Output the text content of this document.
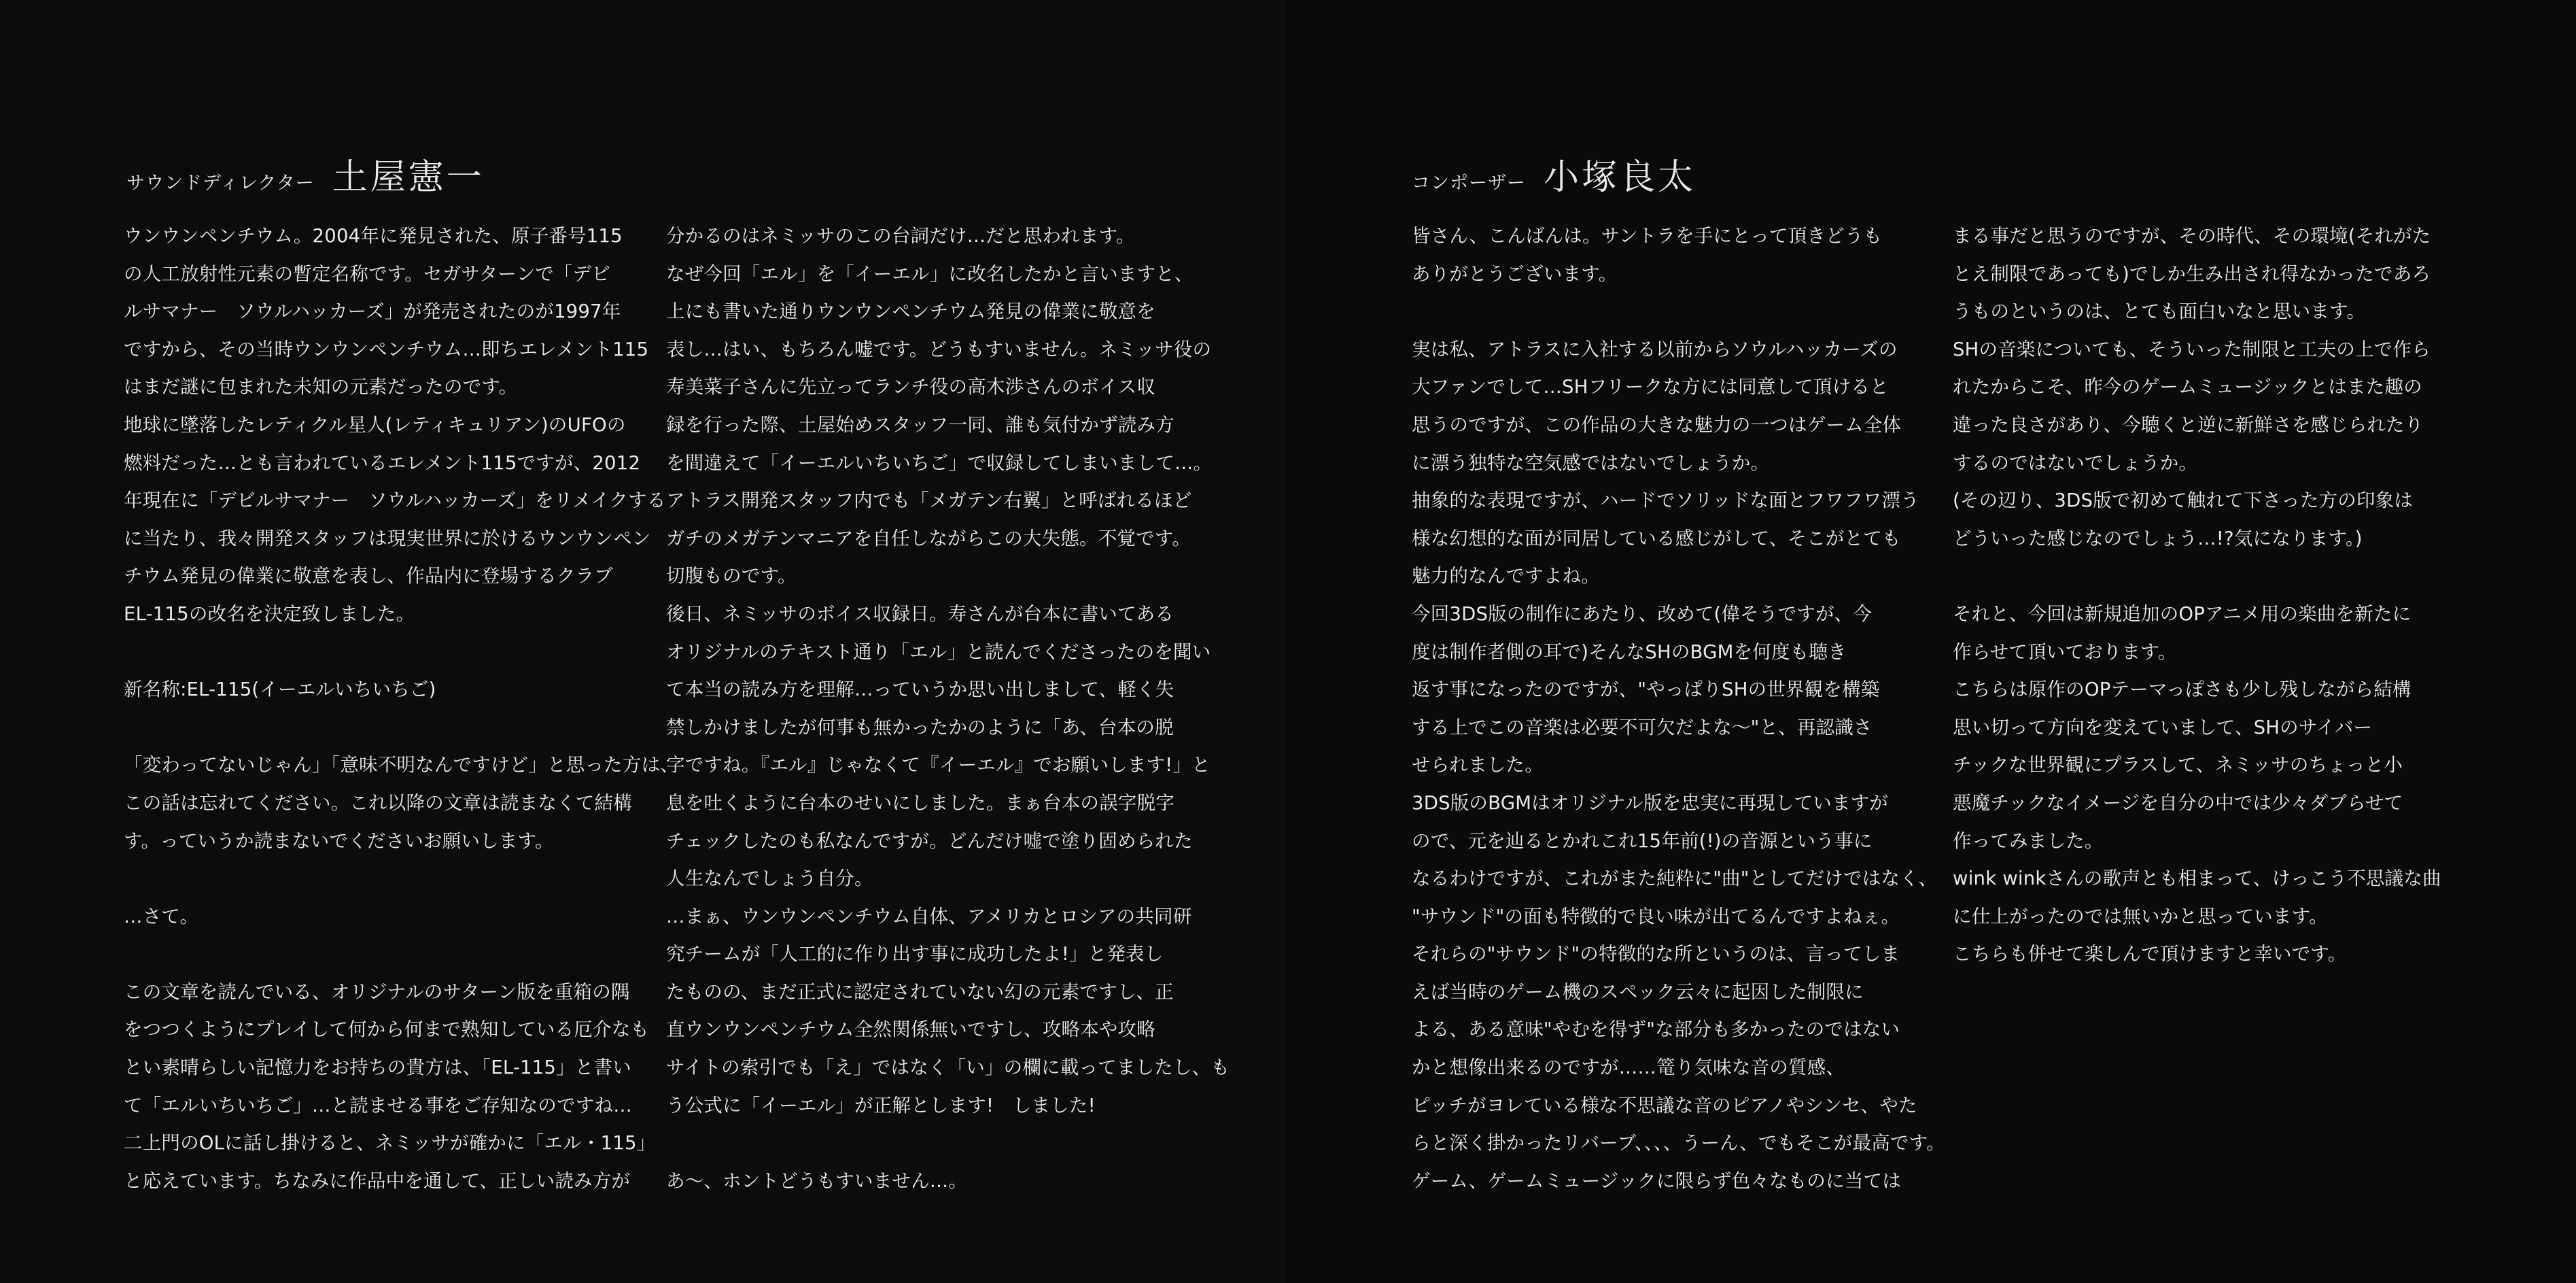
サウンドディレクター 土屋憲一

ウンウンペンチウム。2004年に発見された、原子番号115

の人工放射性元素の暫定名称です。セガサターンで「デビ

ルサマナー　ソウルハッカーズ」が発売されたのが1997年

ですから、その当時ウンウンペンチウム…即ちエレメント115

はまだ謎に包まれた未知の元素だったのです。

地球に墜落したレティクル星人(レティキュリアン)のUFOの

燃料だった…とも言われているエレメント115ですが、2012

年現在に「デビルサマナー　ソウルハッカーズ」をリメイクする

に当たり、我々開発スタッフは現実世界に於けるウンウンペン

チウム発見の偉業に敬意を表し、作品内に登場するクラブ

EL-115の改名を決定致しました。

新名称:EL-115(イーエルいちいちご)

「変わってないじゃん」「意味不明なんですけど」と思った方は、

この話は忘れてください。これ以降の文章は読まなくて結構

す。っていうか読まないでくださいお願いします。

…さて。

この文章を読んでいる、オリジナルのサターン版を重箱の隅

をつつくようにプレイして何から何まで熟知している厄介なも

とい素晴らしい記憶力をお持ちの貴方は、「EL-115」と書い

て「エルいちいちご」…と読ませる事をご存知なのですね…

二上門のOLに話し掛けると、ネミッサが確かに「エル・115」

と応えています。ちなみに作品中を通して、正しい読み方が

分かるのはネミッサのこの台詞だけ…だと思われます。

なぜ今回「エル」を「イーエル」に改名したかと言いますと、

上にも書いた通りウンウンペンチウム発見の偉業に敬意を

表し…はい、もちろん嘘です。どうもすいません。ネミッサ役の

寿美菜子さんに先立ってランチ役の高木渉さんのボイス収

録を行った際、土屋始めスタッフ一同、誰も気付かず読み方

を間違えて「イーエルいちいちご」で収録してしまいまして…。

アトラス開発スタッフ内でも「メガテン右翼」と呼ばれるほど

ガチのメガテンマニアを自任しながらこの大失態。不覚です。

切腹ものです。

後日、ネミッサのボイス収録日。寿さんが台本に書いてある

オリジナルのテキスト通り「エル」と読んでくださったのを聞い

て本当の読み方を理解…っていうか思い出しまして、軽く失

禁しかけましたが何事も無かったかのように「あ、台本の脱

字ですね。『エル』じゃなくて『イーエル』でお願いします!」と

息を吐くように台本のせいにしました。まぁ台本の誤字脱字

チェックしたのも私なんですが。どんだけ嘘で塗り固められた

人生なんでしょう自分。

…まぁ、ウンウンペンチウム自体、アメリカとロシアの共同研

究チームが「人工的に作り出す事に成功したよ!」と発表し

たものの、まだ正式に認定されていない幻の元素ですし、正

直ウンウンペンチウム全然関係無いですし、攻略本や攻略

サイトの索引でも「え」ではなく「い」の欄に載ってましたし、も

う公式に「イーエル」が正解とします!　しました!

あ～、ホントどうもすいません…。

コンポーザー 小塚良太

皆さん、こんばんは。サントラを手にとって頂きどうも

ありがとうございます。

実は私、アトラスに入社する以前からソウルハッカーズの

大ファンでして…SHフリークな方には同意して頂けると

思うのですが、この作品の大きな魅力の一つはゲーム全体

に漂う独特な空気感ではないでしょうか。

抽象的な表現ですが、ハードでソリッドな面とフワフワ漂う

様な幻想的な面が同居している感じがして、そこがとても

魅力的なんですよね。

今回3DS版の制作にあたり、改めて(偉そうですが、今

度は制作者側の耳で)そんなSHのBGMを何度も聴き

返す事になったのですが、"やっぱりSHの世界観を構築

する上でこの音楽は必要不可欠だよな～"と、再認識さ

せられました。

3DS版のBGMはオリジナル版を忠実に再現していますが

ので、元を辿るとかれこれ15年前(!)の音源という事に

なるわけですが、これがまた純粋に"曲"としてだけではなく、

"サウンド"の面も特徴的で良い味が出てるんですよねぇ。

それらの"サウンド"の特徴的な所というのは、言ってしま

えば当時のゲーム機のスペック云々に起因した制限に

よる、ある意味"やむを得ず"な部分も多かったのではない

かと想像出来るのですが……篭り気味な音の質感、

ピッチがヨレている様な不思議な音のピアノやシンセ、やた

らと深く掛かったリバーブ、、、、うーん、でもそこが最高です。

ゲーム、ゲームミュージックに限らず色々なものに当ては

まる事だと思うのですが、その時代、その環境(それがた

とえ制限であっても)でしか生み出され得なかったであろ

うものというのは、とても面白いなと思います。

SHの音楽についても、そういった制限と工夫の上で作ら

れたからこそ、昨今のゲームミュージックとはまた趣の

違った良さがあり、今聴くと逆に新鮮さを感じられたり

するのではないでしょうか。

(その辺り、3DS版で初めて触れて下さった方の印象は

どういった感じなのでしょう…!?気になります。)

それと、今回は新規追加のOPアニメ用の楽曲を新たに

作らせて頂いております。

こちらは原作のOPテーマっぽさも少し残しながら結構

思い切って方向を変えていまして、SHのサイバー

チックな世界観にプラスして、ネミッサのちょっと小

悪魔チックなイメージを自分の中では少々ダブらせて

作ってみました。

wink winkさんの歌声とも相まって、けっこう不思議な曲

に仕上がったのでは無いかと思っています。

こちらも併せて楽しんで頂けますと幸いです。
